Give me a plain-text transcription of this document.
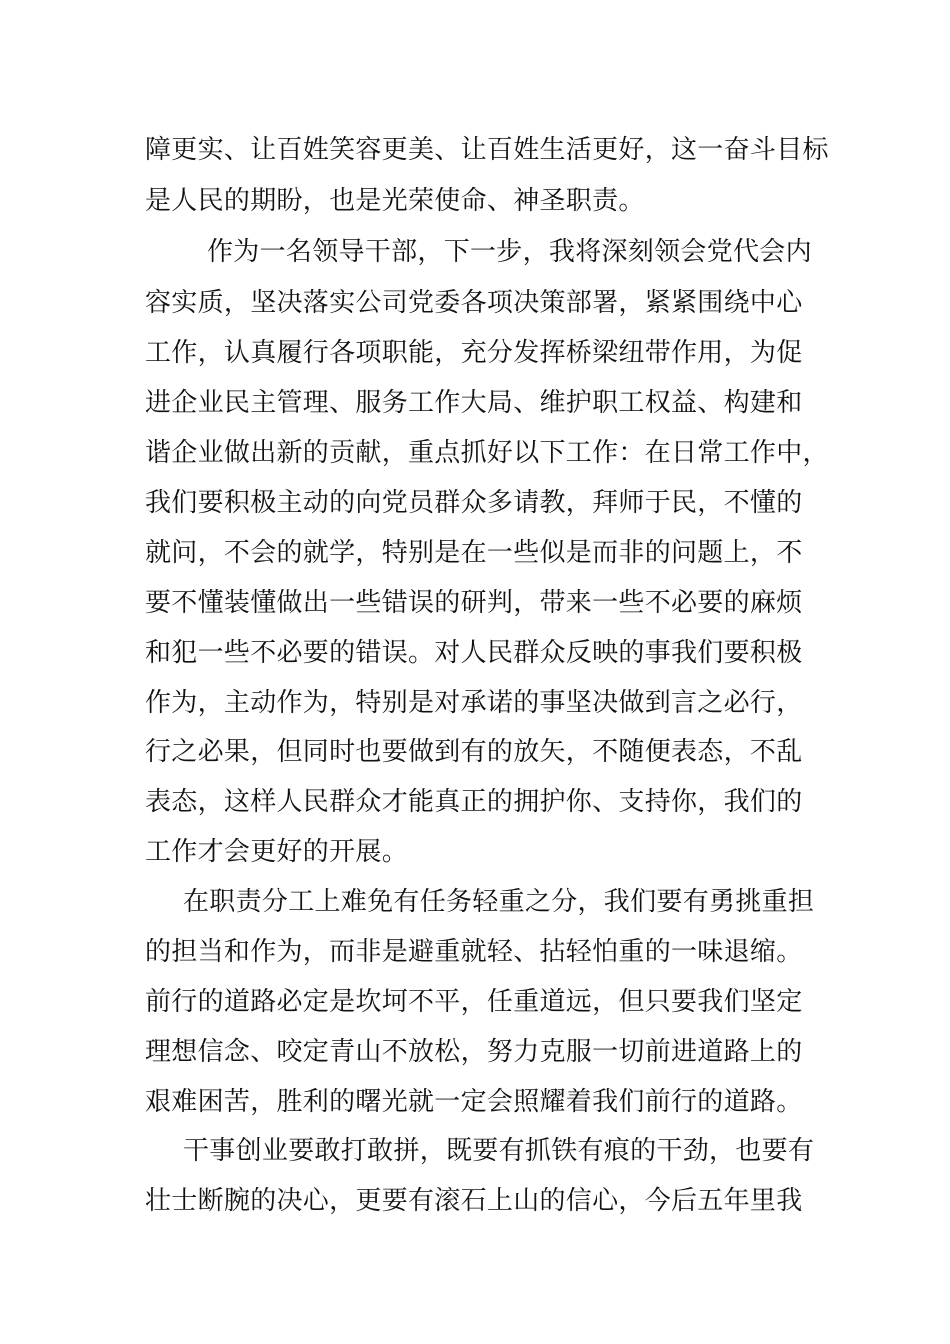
障更实、让百姓笑容更美、让百姓生活更好，这一奋斗目标
是人民的期盼，也是光荣使命、神圣职责。
作为一名领导干部，下一步，我将深刻领会党代会内
容实质，坚决落实公司党委各项决策部署，紧紧围绕中心
工作，认真履行各项职能，充分发挥桥梁纽带作用，为促
进企业民主管理、服务工作大局、维护职工权益、构建和
谐企业做出新的贡献，重点抓好以下工作：在日常工作中，
我们要积极主动的向党员群众多请教，拜师于民，不懂的
就问，不会的就学，特别是在一些似是而非的问题上，不
要不懂装懂做出一些错误的研判，带来一些不必要的麻烦
和犯一些不必要的错误。对人民群众反映的事我们要积极
作为，主动作为，特别是对承诺的事坚决做到言之必行，
行之必果，但同时也要做到有的放矢，不随便表态，不乱
表态，这样人民群众才能真正的拥护你、支持你，我们的
工作才会更好的开展。
在职责分工上难免有任务轻重之分，我们要有勇挑重担
的担当和作为，而非是避重就轻、拈轻怕重的一味退缩。
前行的道路必定是坎坷不平，任重道远，但只要我们坚定
理想信念、咬定青山不放松，努力克服一切前进道路上的
艰难困苦，胜利的曙光就一定会照耀着我们前行的道路。
干事创业要敢打敢拼，既要有抓铁有痕的干劲，也要有
壮士断腕的决心，更要有滚石上山的信心，今后五年里我
